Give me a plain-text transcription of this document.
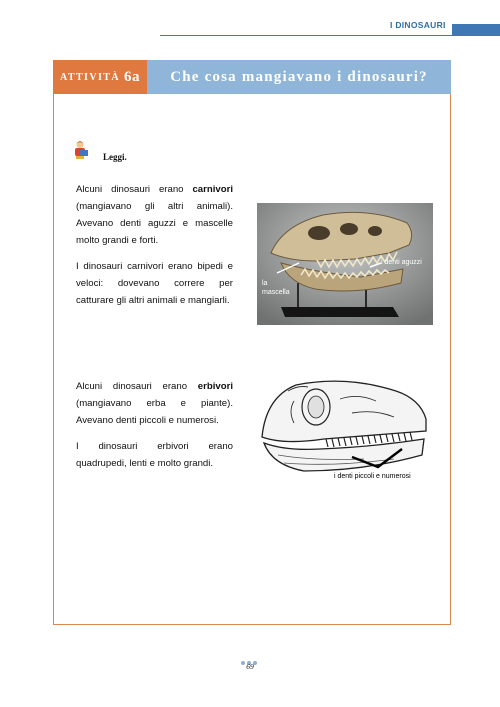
I DINOSAURI
ATTIVITÀ 6a	Che cosa mangiavano i dinosauri?
Leggi.

Alcuni dinosauri erano carnivori (mangiavano gli altri animali). Avevano denti aguzzi e mascelle molto grandi e forti.

I dinosauri carnivori erano bipedi e veloci: dovevano correre per catturare gli altri animali e mangiarli.

i denti aguzzi
la
mascella

Alcuni dinosauri erano erbivori (mangiavano erba e piante). Avevano denti piccoli e numerosi.

I dinosauri erbivori erano quadrupedi, lenti e molto grandi.

i denti piccoli e numerosi
69
